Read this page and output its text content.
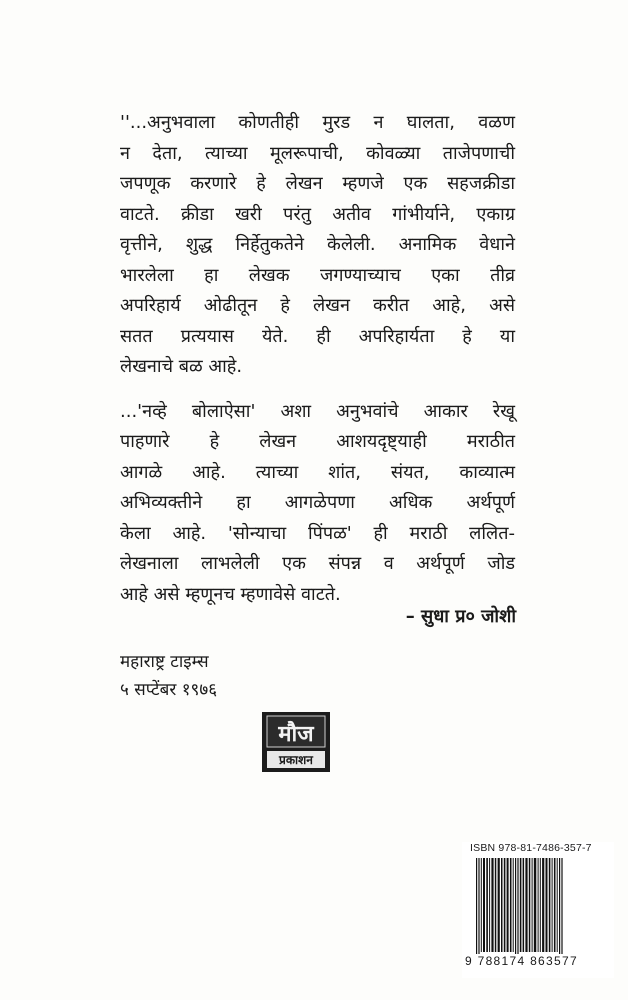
''...अनुभवाला कोणतीही मुरड न घालता, वळण
न देता, त्याच्या मूलरूपाची, कोवळ्या ताजेपणाची
जपणूक करणारे हे लेखन म्हणजे एक सहजक्रीडा
वाटते. क्रीडा खरी परंतु अतीव गांभीर्याने, एकाग्र
वृत्तीने, शुद्ध निर्हेतुकतेने केलेली. अनामिक वेधाने
भारलेला हा लेखक जगण्याच्याच एका तीव्र
अपरिहार्य ओढीतून हे लेखन करीत आहे, असे
सतत प्रत्ययास येते. ही अपरिहार्यता हे या
लेखनाचे बळ आहे.

...'नव्हे बोलाऐसा' अशा अनुभवांचे आकार रेखू
पाहणारे हे लेखन आशयदृष्ट्याही मराठीत
आगळे आहे. त्याच्या शांत, संयत, काव्यात्म
अभिव्यक्तीने हा आगळेपणा अधिक अर्थपूर्ण
केला आहे. 'सोन्याचा पिंपळ' ही मराठी ललित-
लेखनाला लाभलेली एक संपन्न व अर्थपूर्ण जोड
आहे असे म्हणूनच म्हणावेसे वाटते.

– सुधा प्र० जोशी
महाराष्ट्र टाइम्स
५ सप्टेंबर १९७६
मौज
प्रकाशन
ISBN 978-81-7486-357-7
9 788174 863577
